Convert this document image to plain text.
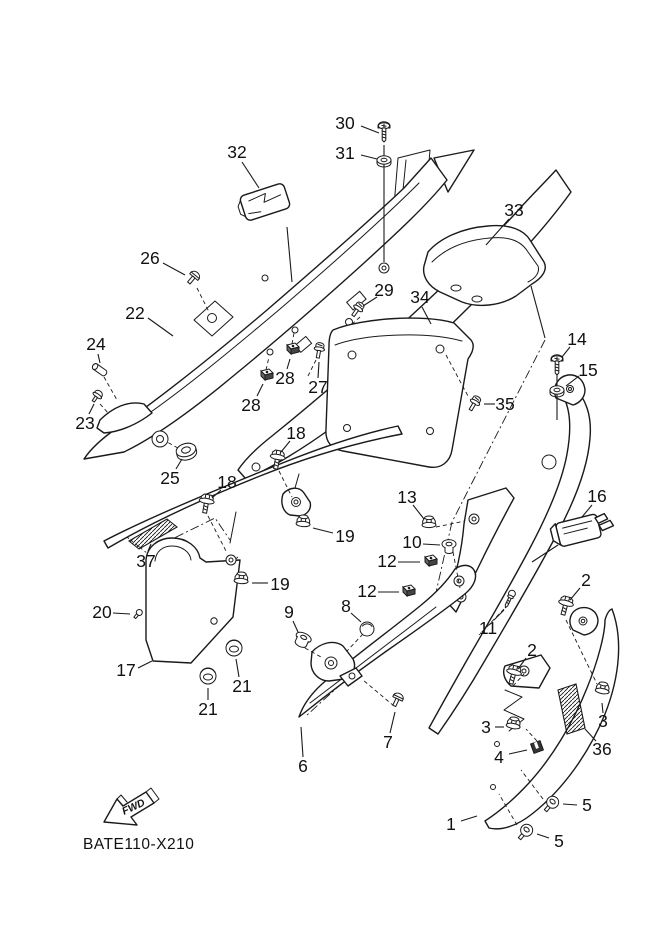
30
31
32
33
26
22
29 34
24
23
28
28
27
25
18
18
19
19
37
20
17
21
21
9	8
12
12
11
13
10
16
35
14
15
2
2
3	3
4	36
5
5
1
6
7
FWD
BATE110-X210
